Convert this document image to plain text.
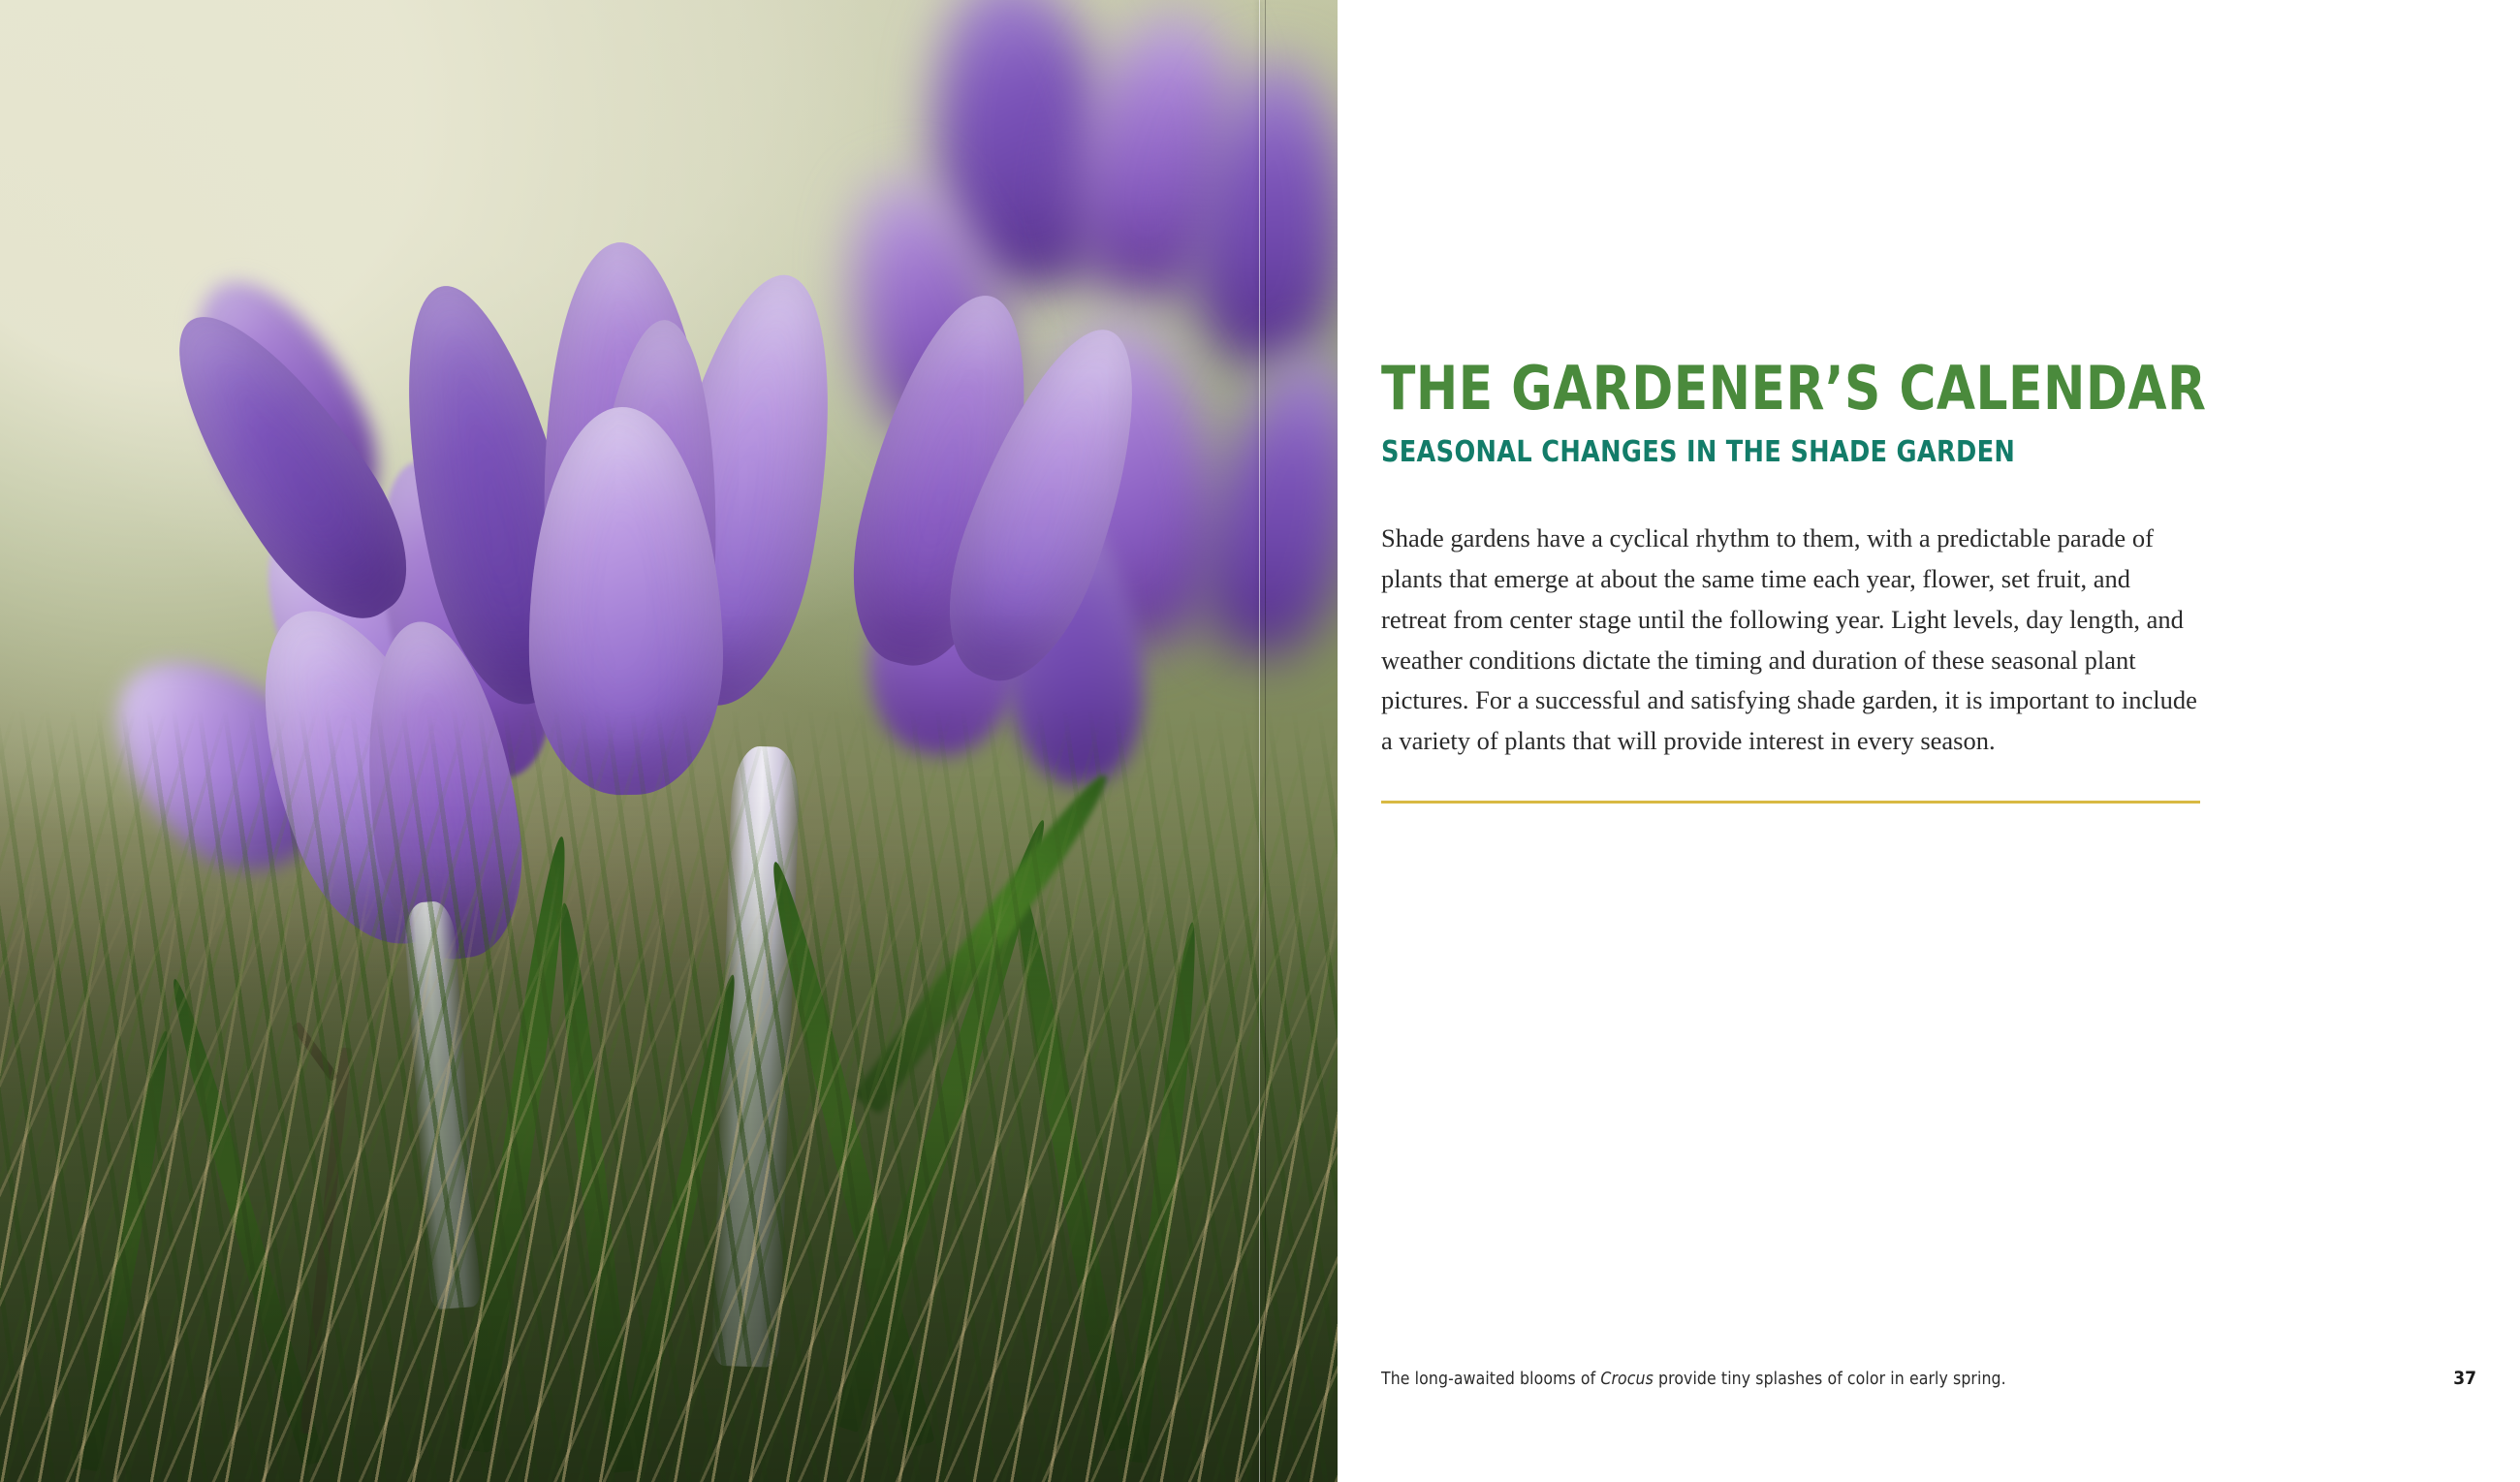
THE GARDENER’S CALENDAR
SEASONAL CHANGES IN THE SHADE GARDEN

Shade gardens have a cyclical rhythm to them, with a predictable parade of plants that emerge at about the same time each year, flower, set fruit, and retreat from center stage until the following year. Light levels, day length, and weather conditions dictate the timing and duration of these seasonal plant pictures. For a successful and satisfying shade garden, it is important to include a variety of plants that will provide interest in every season.

The long-awaited blooms of Crocus provide tiny splashes of color in early spring.	37
